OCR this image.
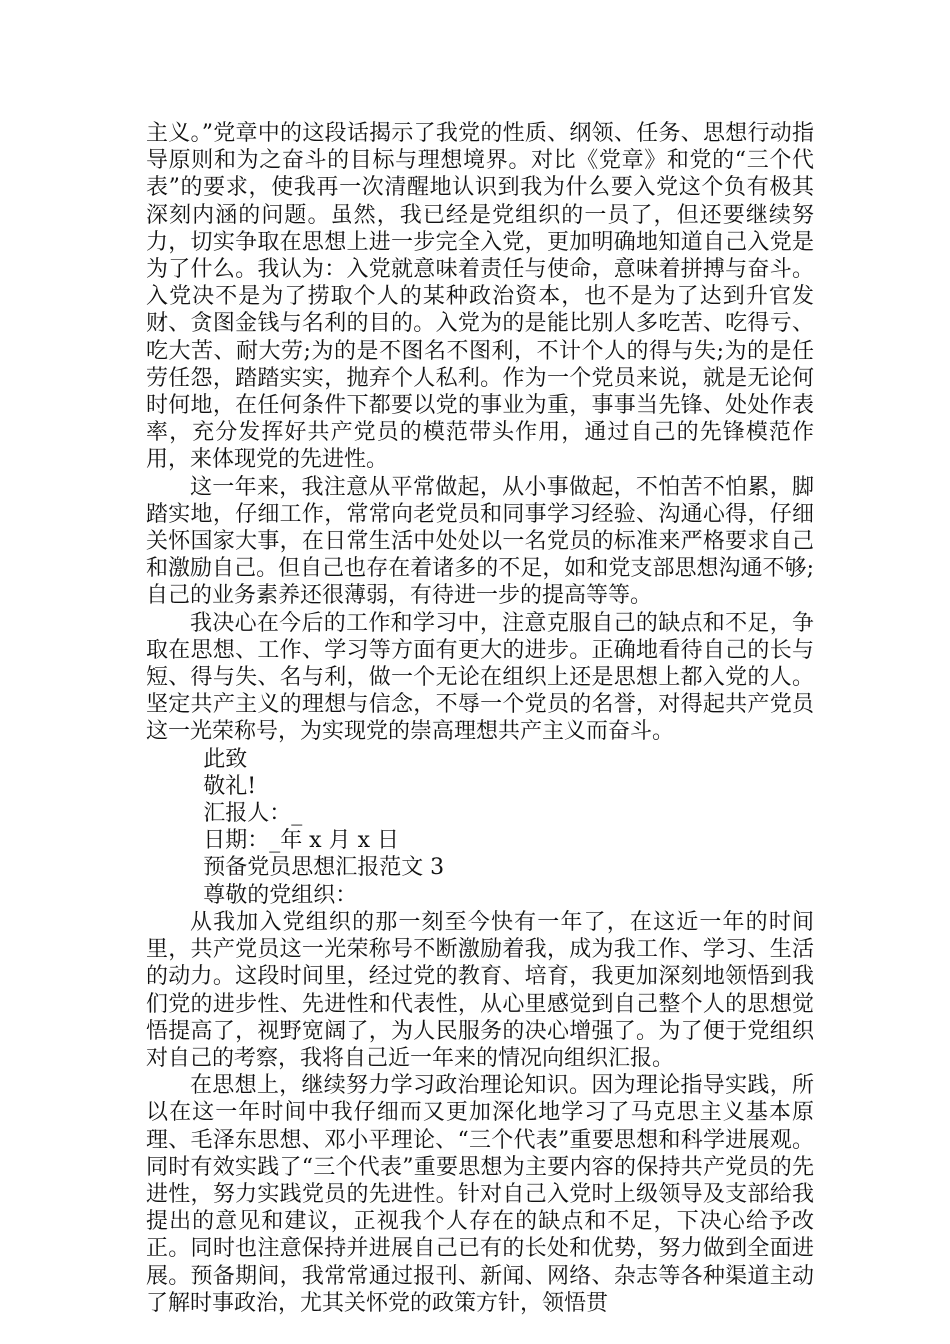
主义。”党章中的这段话揭示了我党的性质、纲领、任务、思想行动指导原则和为之奋斗的目标与理想境界。对比《党章》和党的“三个代表”的要求，使我再一次清醒地认识到我为什么要入党这个负有极其深刻内涵的问题。虽然，我已经是党组织的一员了，但还要继续努力，切实争取在思想上进一步完全入党，更加明确地知道自己入党是为了什么。我认为：入党就意味着责任与使命，意味着拼搏与奋斗。入党决不是为了捞取个人的某种政治资本，也不是为了达到升官发财、贪图金钱与名利的目的。入党为的是能比别人多吃苦、吃得亏、吃大苦、耐大劳;为的是不图名不图利，不计个人的得与失;为的是任劳任怨，踏踏实实，抛弃个人私利。作为一个党员来说，就是无论何时何地，在任何条件下都要以党的事业为重，事事当先锋、处处作表率，充分发挥好共产党员的模范带头作用，通过自己的先锋模范作用，来体现党的先进性。

这一年来，我注意从平常做起，从小事做起，不怕苦不怕累，脚踏实地，仔细工作，常常向老党员和同事学习经验、沟通心得，仔细关怀国家大事，在日常生活中处处以一名党员的标准来严格要求自己和激励自己。但自己也存在着诸多的不足，如和党支部思想沟通不够;自己的业务素养还很薄弱，有待进一步的提高等等。

我决心在今后的工作和学习中，注意克服自己的缺点和不足，争取在思想、工作、学习等方面有更大的进步。正确地看待自己的长与短、得与失、名与利，做一个无论在组织上还是思想上都入党的人。坚定共产主义的理想与信念，不辱一个党员的名誉，对得起共产党员这一光荣称号，为实现党的崇高理想共产主义而奋斗。

此致

敬礼!

汇报人：_

日期：_年 x 月 x 日

预备党员思想汇报范文 3

尊敬的党组织：

从我加入党组织的那一刻至今快有一年了，在这近一年的时间里，共产党员这一光荣称号不断激励着我，成为我工作、学习、生活的动力。这段时间里，经过党的教育、培育，我更加深刻地领悟到我们党的进步性、先进性和代表性，从心里感觉到自己整个人的思想觉悟提高了，视野宽阔了，为人民服务的决心增强了。为了便于党组织对自己的考察，我将自己近一年来的情况向组织汇报。

在思想上，继续努力学习政治理论知识。因为理论指导实践，所以在这一年时间中我仔细而又更加深化地学习了马克思主义基本原理、毛泽东思想、邓小平理论、“三个代表”重要思想和科学进展观。同时有效实践了“三个代表”重要思想为主要内容的保持共产党员的先进性，努力实践党员的先进性。针对自己入党时上级领导及支部给我提出的意见和建议，正视我个人存在的缺点和不足，下决心给予改正。同时也注意保持并进展自己已有的长处和优势，努力做到全面进展。预备期间，我常常通过报刊、新闻、网络、杂志等各种渠道主动了解时事政治，尤其关怀党的政策方针，领悟贯
